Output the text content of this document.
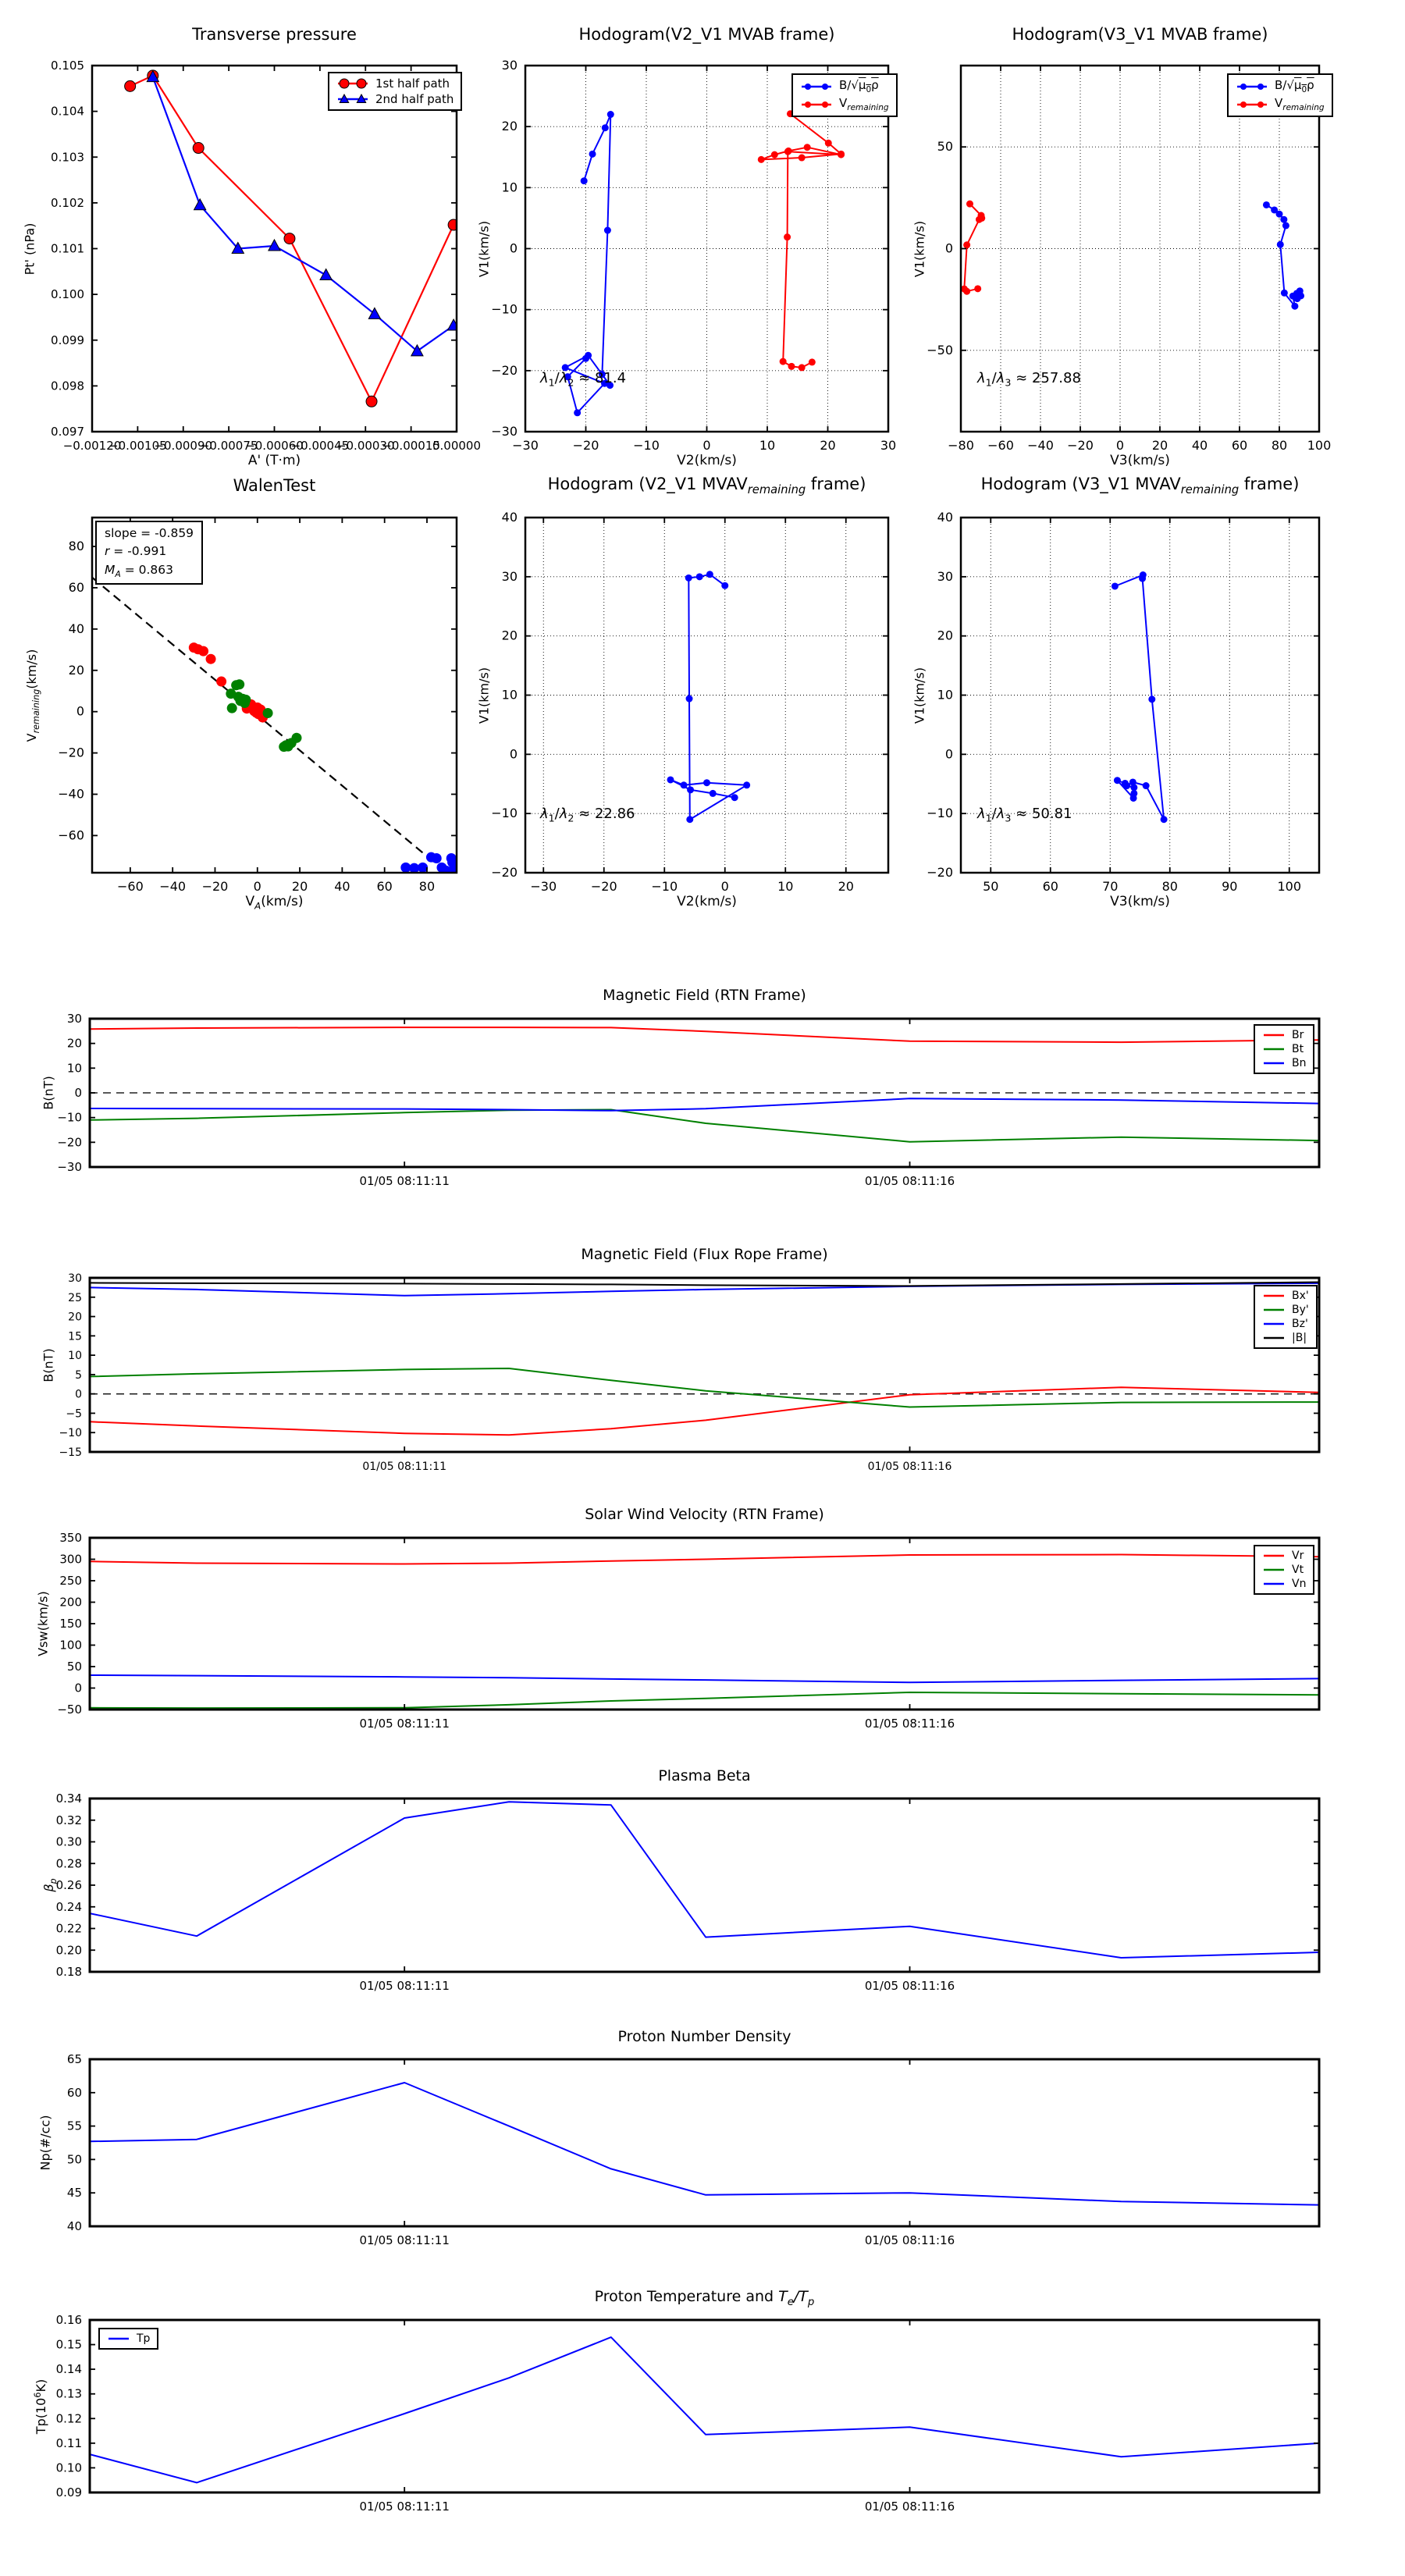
−0.00120
−0.00105
−0.00090
−0.00075
−0.00060
−0.00045
−0.00030
−0.00015
0.00000
0.097
0.098
0.099
0.100
0.101
0.102
0.103
0.104
0.105
−30	−20	−10	0	10	20	30
−30
−20
−10
0
10
20
30
−80 −60 −40 −20 0 20 40 60 80 100
−50
0
50
−60 −40 −20 0 20 40 60 80
−60
−40
−20
0
20
40
60
80
−30	−20	−10	0	10	20
−20
−10
0
10
20
30
40
50	60	70	80	90	100
−20
−10
0
10
20
30
40
01/05 08:11:11	01/05 08:11:16
−30
−20
−10
0
10
20
30
01/05 08:11:11	01/05 08:11:16
−15
−10
−5
0
5
10
15
20
25
30
01/05 08:11:11	01/05 08:11:16
−50
0
50
100
150
200
250
300
350
01/05 08:11:11	01/05 08:11:16
0.18
0.20
0.22
0.24
0.26
0.28
0.30
0.32
0.34
01/05 08:11:11	01/05 08:11:16
40
45
50
55
60
65
01/05 08:11:11	01/05 08:11:16
0.09
0.10
0.11
0.12
0.13
0.14
0.15
0.16
Transverse pressure
A' (T·m)
Pt' (nPa)
1st half path
2nd half path
Hodogram(V2_V1 MVAB frame)
V2(km/s)
V1(km/s)
$\lambda_1/\lambda_2 \approx 81.4$
$B/√\mu_0\rho$
$V_{remaining}$
Hodogram(V3_V1 MVAB frame)
V3(km/s)
V1(km/s)
$\lambda_1/\lambda_3 \approx 257.88$
$B/√\mu_0\rho$
$V_{remaining}$
WalenTest
$V_A(km/s)$
$V_{remaining}(km/s)$
slope = -0.859
r = -0.991
$M_A = 0.863$
Hodogram (V2_V1 $MVAV_{remaining}$ frame)
V2(km/s)
V1(km/s)
$\lambda_1/\lambda_2 \approx 22.86$
Hodogram (V3_V1 $MVAV_{remaining}$ frame)
V3(km/s)
V1(km/s)
$\lambda_1/\lambda_3 \approx 50.81$
Magnetic Field (RTN Frame)
B(nT)
Br
Bt
Bn
Magnetic Field (Flux Rope Frame)
B(nT)
Bx'
By'
Bz'
|B|
Solar Wind Velocity (RTN Frame)
Vsw(km/s)
Vr
Vt
Vn
Plasma Beta
$\beta_p$
Proton Number Density
Np(#/cc)
Proton Temperature and $T_e/T_p$
$Tp(10^6K)$
Tp
